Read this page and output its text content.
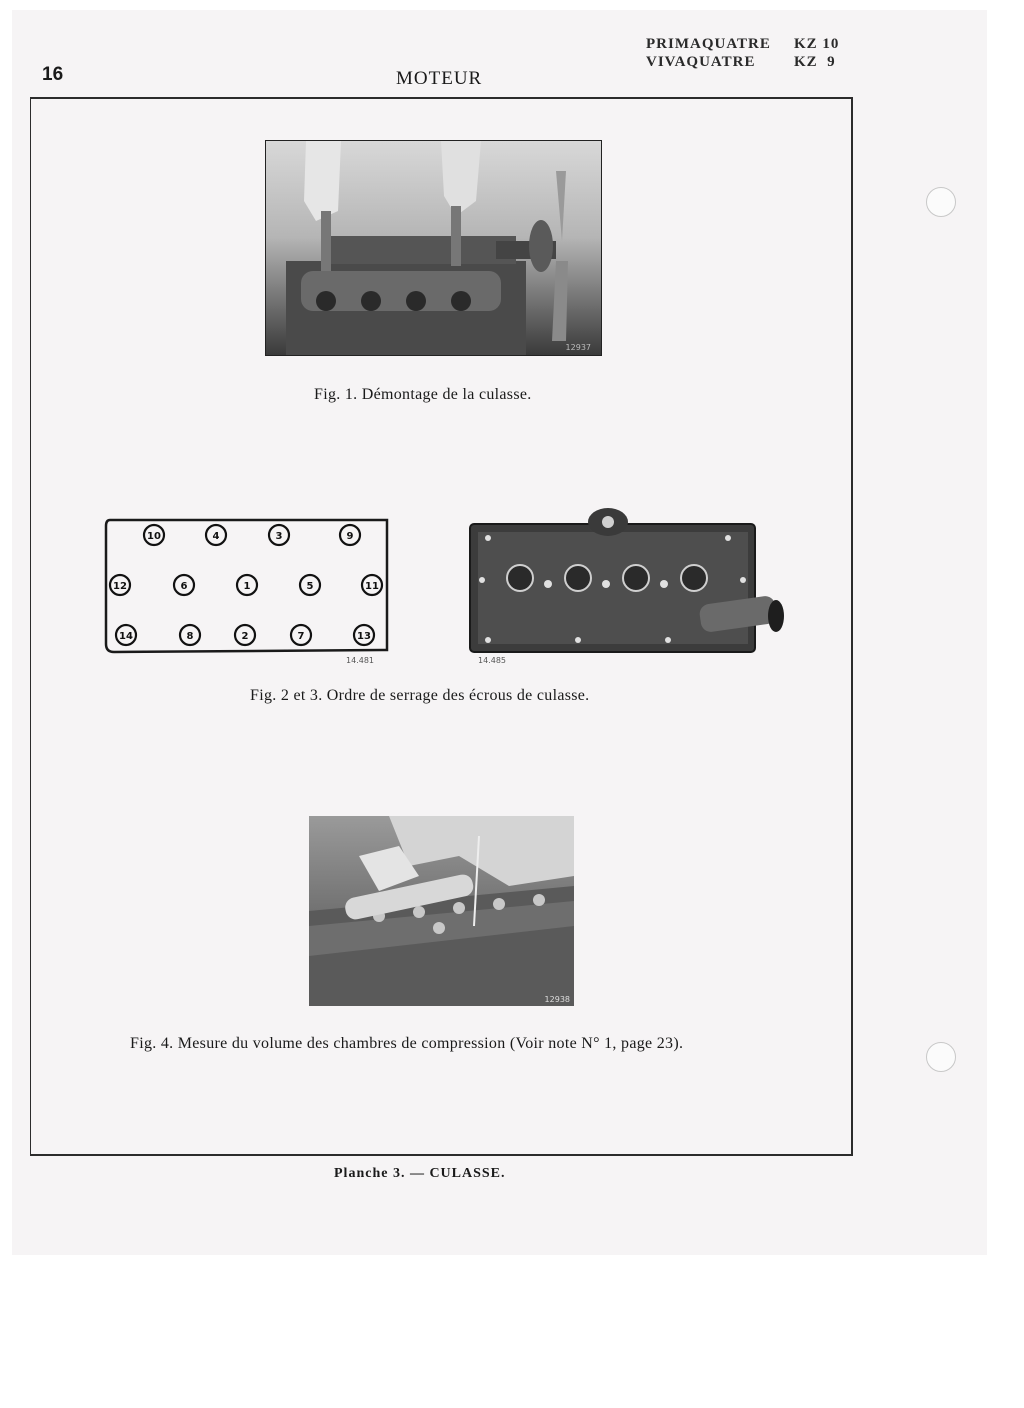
16	MOTEUR
PRIMAQUATRE	KZ 10
VIVAQUATRE	KZ  9
12937
Fig. 1. Démontage de la culasse.
10	4	3	9
12	6	1	5	11
14	8	2	7	13
14.481	14.485
Fig. 2 et 3. Ordre de serrage des écrous de culasse.
12938
Fig. 4. Mesure du volume des chambres de compression (Voir note N° 1, page 23).
Planche 3. — CULASSE.
